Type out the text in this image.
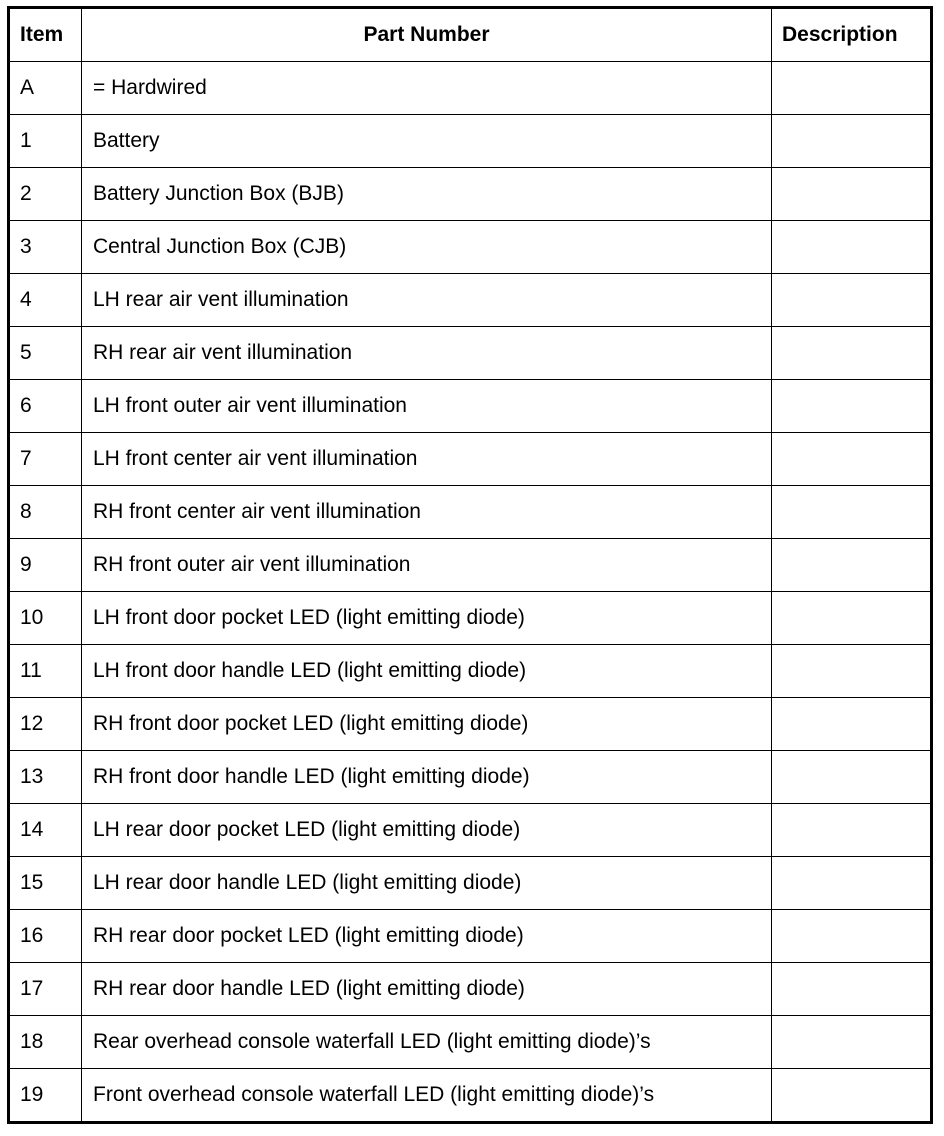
Item	Part Number	Description
A	= Hardwired	
1	Battery	
2	Battery Junction Box (BJB)	
3	Central Junction Box (CJB)	
4	LH rear air vent illumination	
5	RH rear air vent illumination	
6	LH front outer air vent illumination	
7	LH front center air vent illumination	
8	RH front center air vent illumination	
9	RH front outer air vent illumination	
10	LH front door pocket LED (light emitting diode)	
11	LH front door handle LED (light emitting diode)	
12	RH front door pocket LED (light emitting diode)	
13	RH front door handle LED (light emitting diode)	
14	LH rear door pocket LED (light emitting diode)	
15	LH rear door handle LED (light emitting diode)	
16	RH rear door pocket LED (light emitting diode)	
17	RH rear door handle LED (light emitting diode)	
18	Rear overhead console waterfall LED (light emitting diode)’s	
19	Front overhead console waterfall LED (light emitting diode)’s	
